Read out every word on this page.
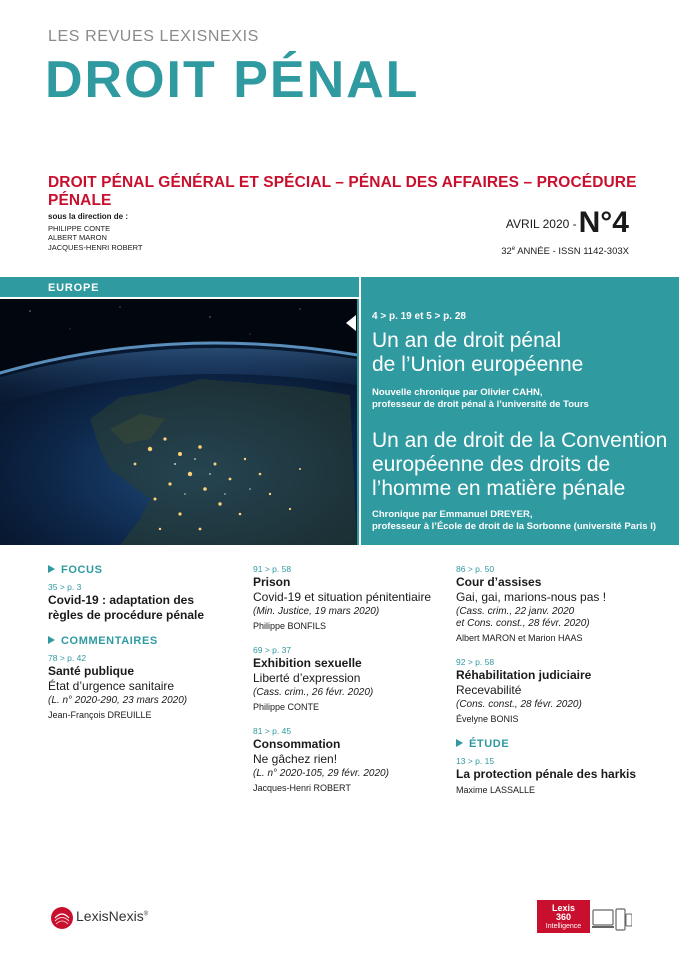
LES REVUES LEXISNEXIS
DROIT PÉNAL
DROIT PÉNAL GÉNÉRAL ET SPÉCIAL – PÉNAL DES AFFAIRES – PROCÉDURE PÉNALE
sous la direction de :
PHILIPPE CONTE
ALBERT MARON
JACQUES-HENRI ROBERT
AVRIL 2020 -N°4
32e ANNÉE - ISSN 1142-303X
EUROPE
4 > p. 19 et 5 > p. 28
Un an de droit pénal
de l’Union européenne
Nouvelle chronique par Olivier CAHN,
professeur de droit pénal à l’université de Tours
Un an de droit de la Convention
européenne des droits de
l’homme en matière pénale
Chronique par Emmanuel DREYER,
professeur à l’École de droit de la Sorbonne (université Paris I)
FOCUS
35 > p. 3
Covid-19 : adaptation des
règles de procédure pénale
COMMENTAIRES
78 > p. 42
Santé publique
État d’urgence sanitaire
(L. n° 2020-290, 23 mars 2020)
Jean-François DREUILLE
91 > p. 58
Prison
Covid-19 et situation pénitentiaire
(Min. Justice, 19 mars 2020)
Philippe BONFILS
69 > p. 37
Exhibition sexuelle
Liberté d’expression
(Cass. crim., 26 févr. 2020)
Philippe CONTE
81 > p. 45
Consommation
Ne gâchez rien!
(L. n° 2020-105, 29 févr. 2020)
Jacques-Henri ROBERT
86 > p. 50
Cour d’assises
Gai, gai, marions-nous pas !
(Cass. crim., 22 janv. 2020
et Cons. const., 28 févr. 2020)
Albert MARON et Marion HAAS
92 > p. 58
Réhabilitation judiciaire
Recevabilité
(Cons. const., 28 févr. 2020)
Évelyne BONIS
ÉTUDE
13 > p. 15
La protection pénale des harkis
Maxime LASSALLE
LexisNexis®
Lexis
360
Intelligence
